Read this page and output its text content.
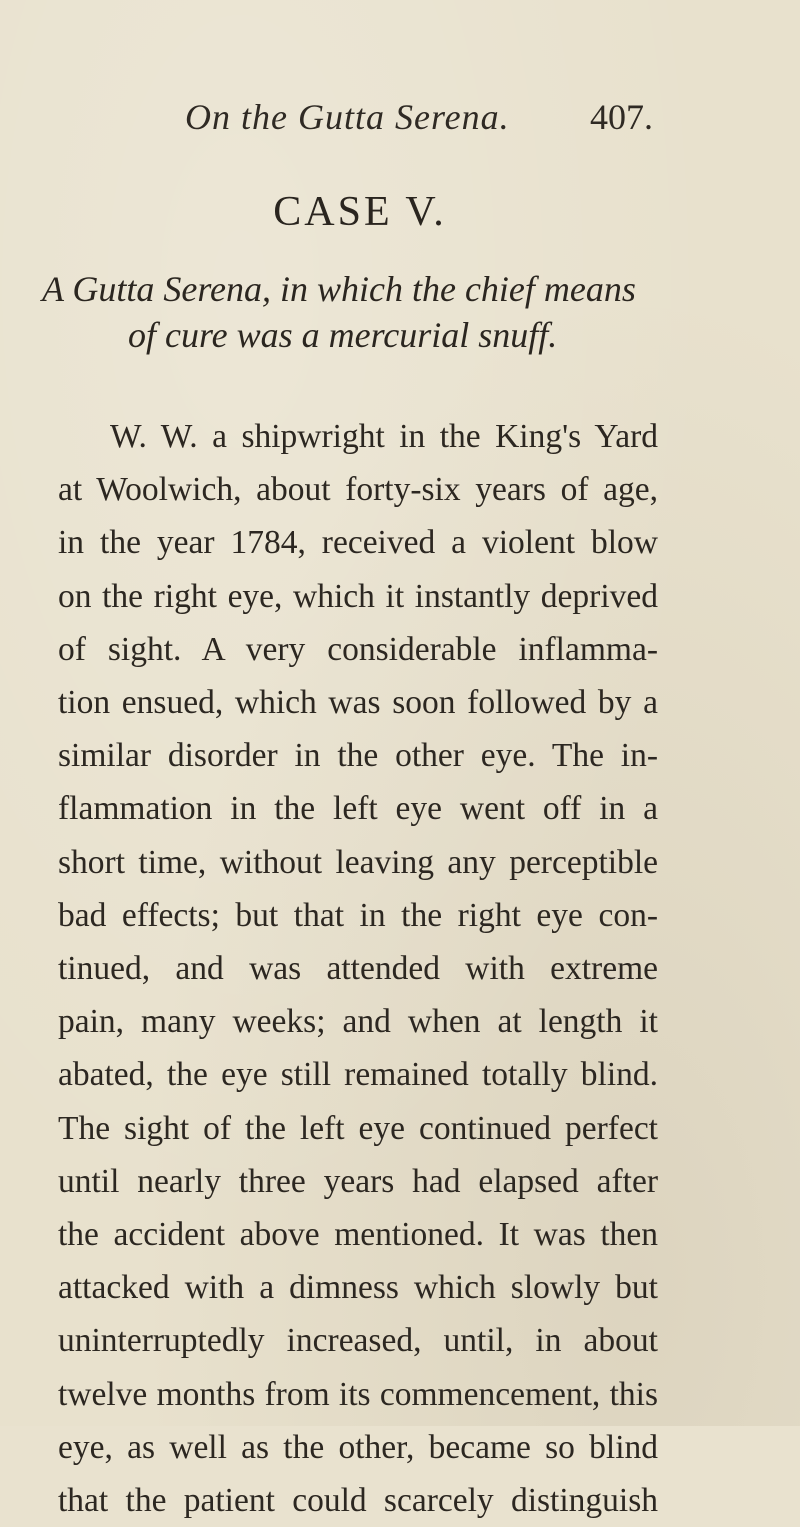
On the Gutta Serena. 407.
CASE V.
A Gutta Serena, in which the chief means
of cure was a mercurial snuff.
W. W. a shipwright in the King's Yard
at Woolwich, about forty-six years of age,
in the year 1784, received a violent blow
on the right eye, which it instantly deprived
of sight. A very considerable inflamma-
tion ensued, which was soon followed by a
similar disorder in the other eye. The in-
flammation in the left eye went off in a
short time, without leaving any perceptible
bad effects; but that in the right eye con-
tinued, and was attended with extreme
pain, many weeks; and when at length it
abated, the eye still remained totally blind.
The sight of the left eye continued perfect
until nearly three years had elapsed after
the accident above mentioned. It was then
attacked with a dimness which slowly but
uninterruptedly increased, until, in about
twelve months from its commencement, this
eye, as well as the other, became so blind
that the patient could scarcely distinguish
